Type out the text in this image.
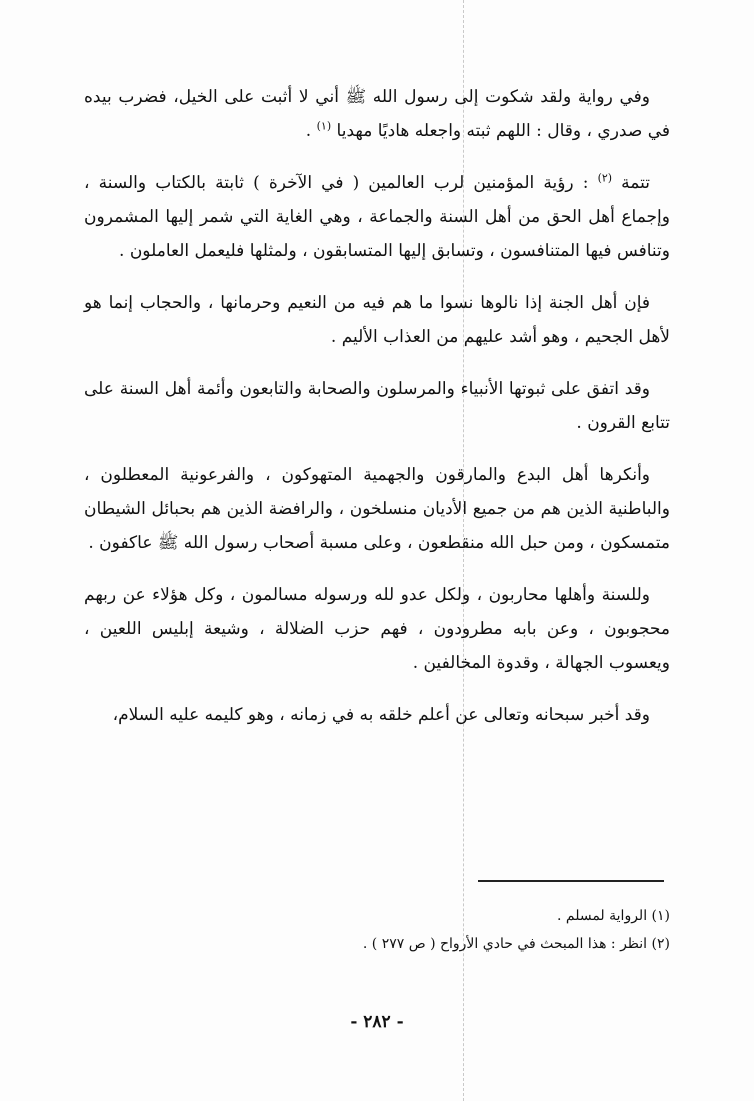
وفي رواية ولقد شكوت إلى رسول الله ﷺ أني لا أثبت على الخيل، فضرب بيده في صدري ، وقال : اللهم ثبته واجعله هاديًا مهديا $^{(١)}$ .

تتمة $^{(٢)}$ : رؤية المؤمنين لرب العالمين ( في الآخرة ) ثابتة بالكتاب والسنة ، وإجماع أهل الحق من أهل السنة والجماعة ، وهي الغاية التي شمر إليها المشمرون وتنافس فيها المتنافسون ، وتسابق إليها المتسابقون ، ولمثلها فليعمل العاملون .

فإن أهل الجنة إذا نالوها نسوا ما هم فيه من النعيم وحرمانها ، والحجاب إنما هو لأهل الجحيم ، وهو أشد عليهم من العذاب الأليم .

وقد اتفق على ثبوتها الأنبياء والمرسلون والصحابة والتابعون وأئمة أهل السنة على تتابع القرون .

وأنكرها أهل البدع والمارقون والجهمية المتهوكون ، والفرعونية المعطلون ، والباطنية الذين هم من جميع الأديان منسلخون ، والرافضة الذين هم بحبائل الشيطان متمسكون ، ومن حبل الله منقطعون ، وعلى مسبة أصحاب رسول الله ﷺ عاكفون .

وللسنة وأهلها محاربون ، ولكل عدو لله ورسوله مسالمون ، وكل هؤلاء عن ربهم محجوبون ، وعن بابه مطرودون ، فهم حزب الضلالة ، وشيعة إبليس اللعين ، ويعسوب الجهالة ، وقدوة المخالفين .

وقد أخبر سبحانه وتعالى عن أعلم خلقه به في زمانه ، وهو كليمه عليه السلام،

(١) الرواية لمسلم .

(٢) انظر : هذا المبحث في حادي الأرواح ( ص ٢٧٧ ) .

- ٢٨٢ -
